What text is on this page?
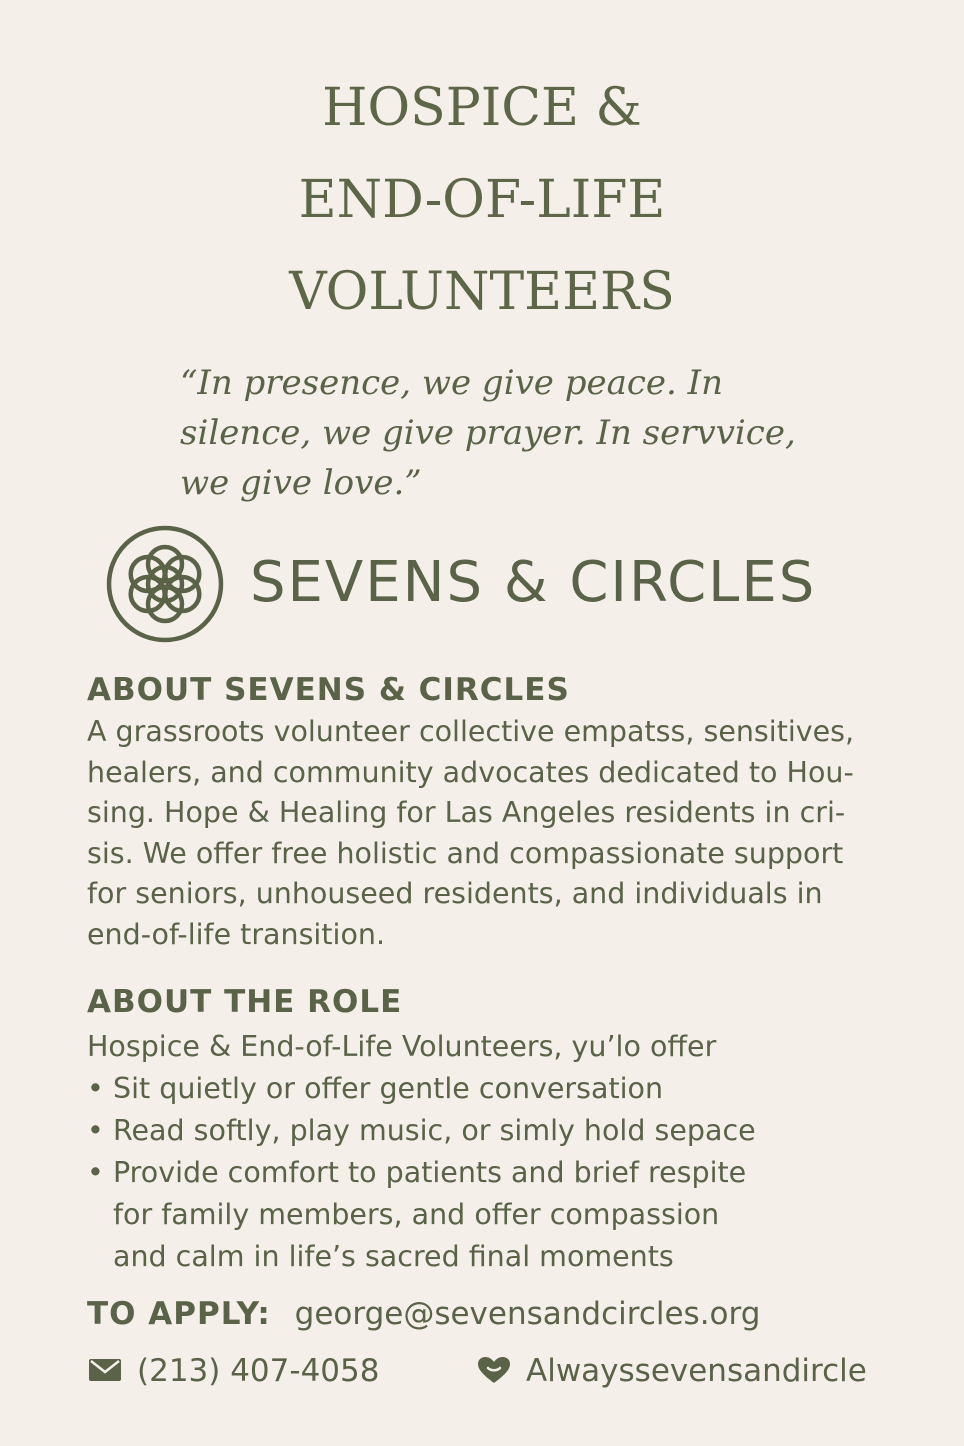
HOSPICE &
END-OF-LIFE
VOLUNTEERS
“In presence, we give peace. In
silence, we give prayer. In servvice,
we give love.”
SEVENS & CIRCLES
ABOUT SEVENS & CIRCLES
A grassroots volunteer collective empatss, sensitives,
healers, and community advocates dedicated to Hou-
sing. Hope & Healing for Las Angeles residents in cri-
sis. We offer free holistic and compassionate support
for seniors, unhouseed residents, and individuals in
end-of-life transition.
ABOUT THE ROLE
Hospice & End-of-Life Volunteers, yu’lo offer
• Sit quietly or offer gentle conversation
• Read softly, play music, or simly hold sepace
• Provide comfort to patients and brief respite
for family members, and offer compassion
and calm in life’s sacred final moments
TO APPLY: george@sevensandcircles.org
(213) 407-4058	Alwayssevensandircle
